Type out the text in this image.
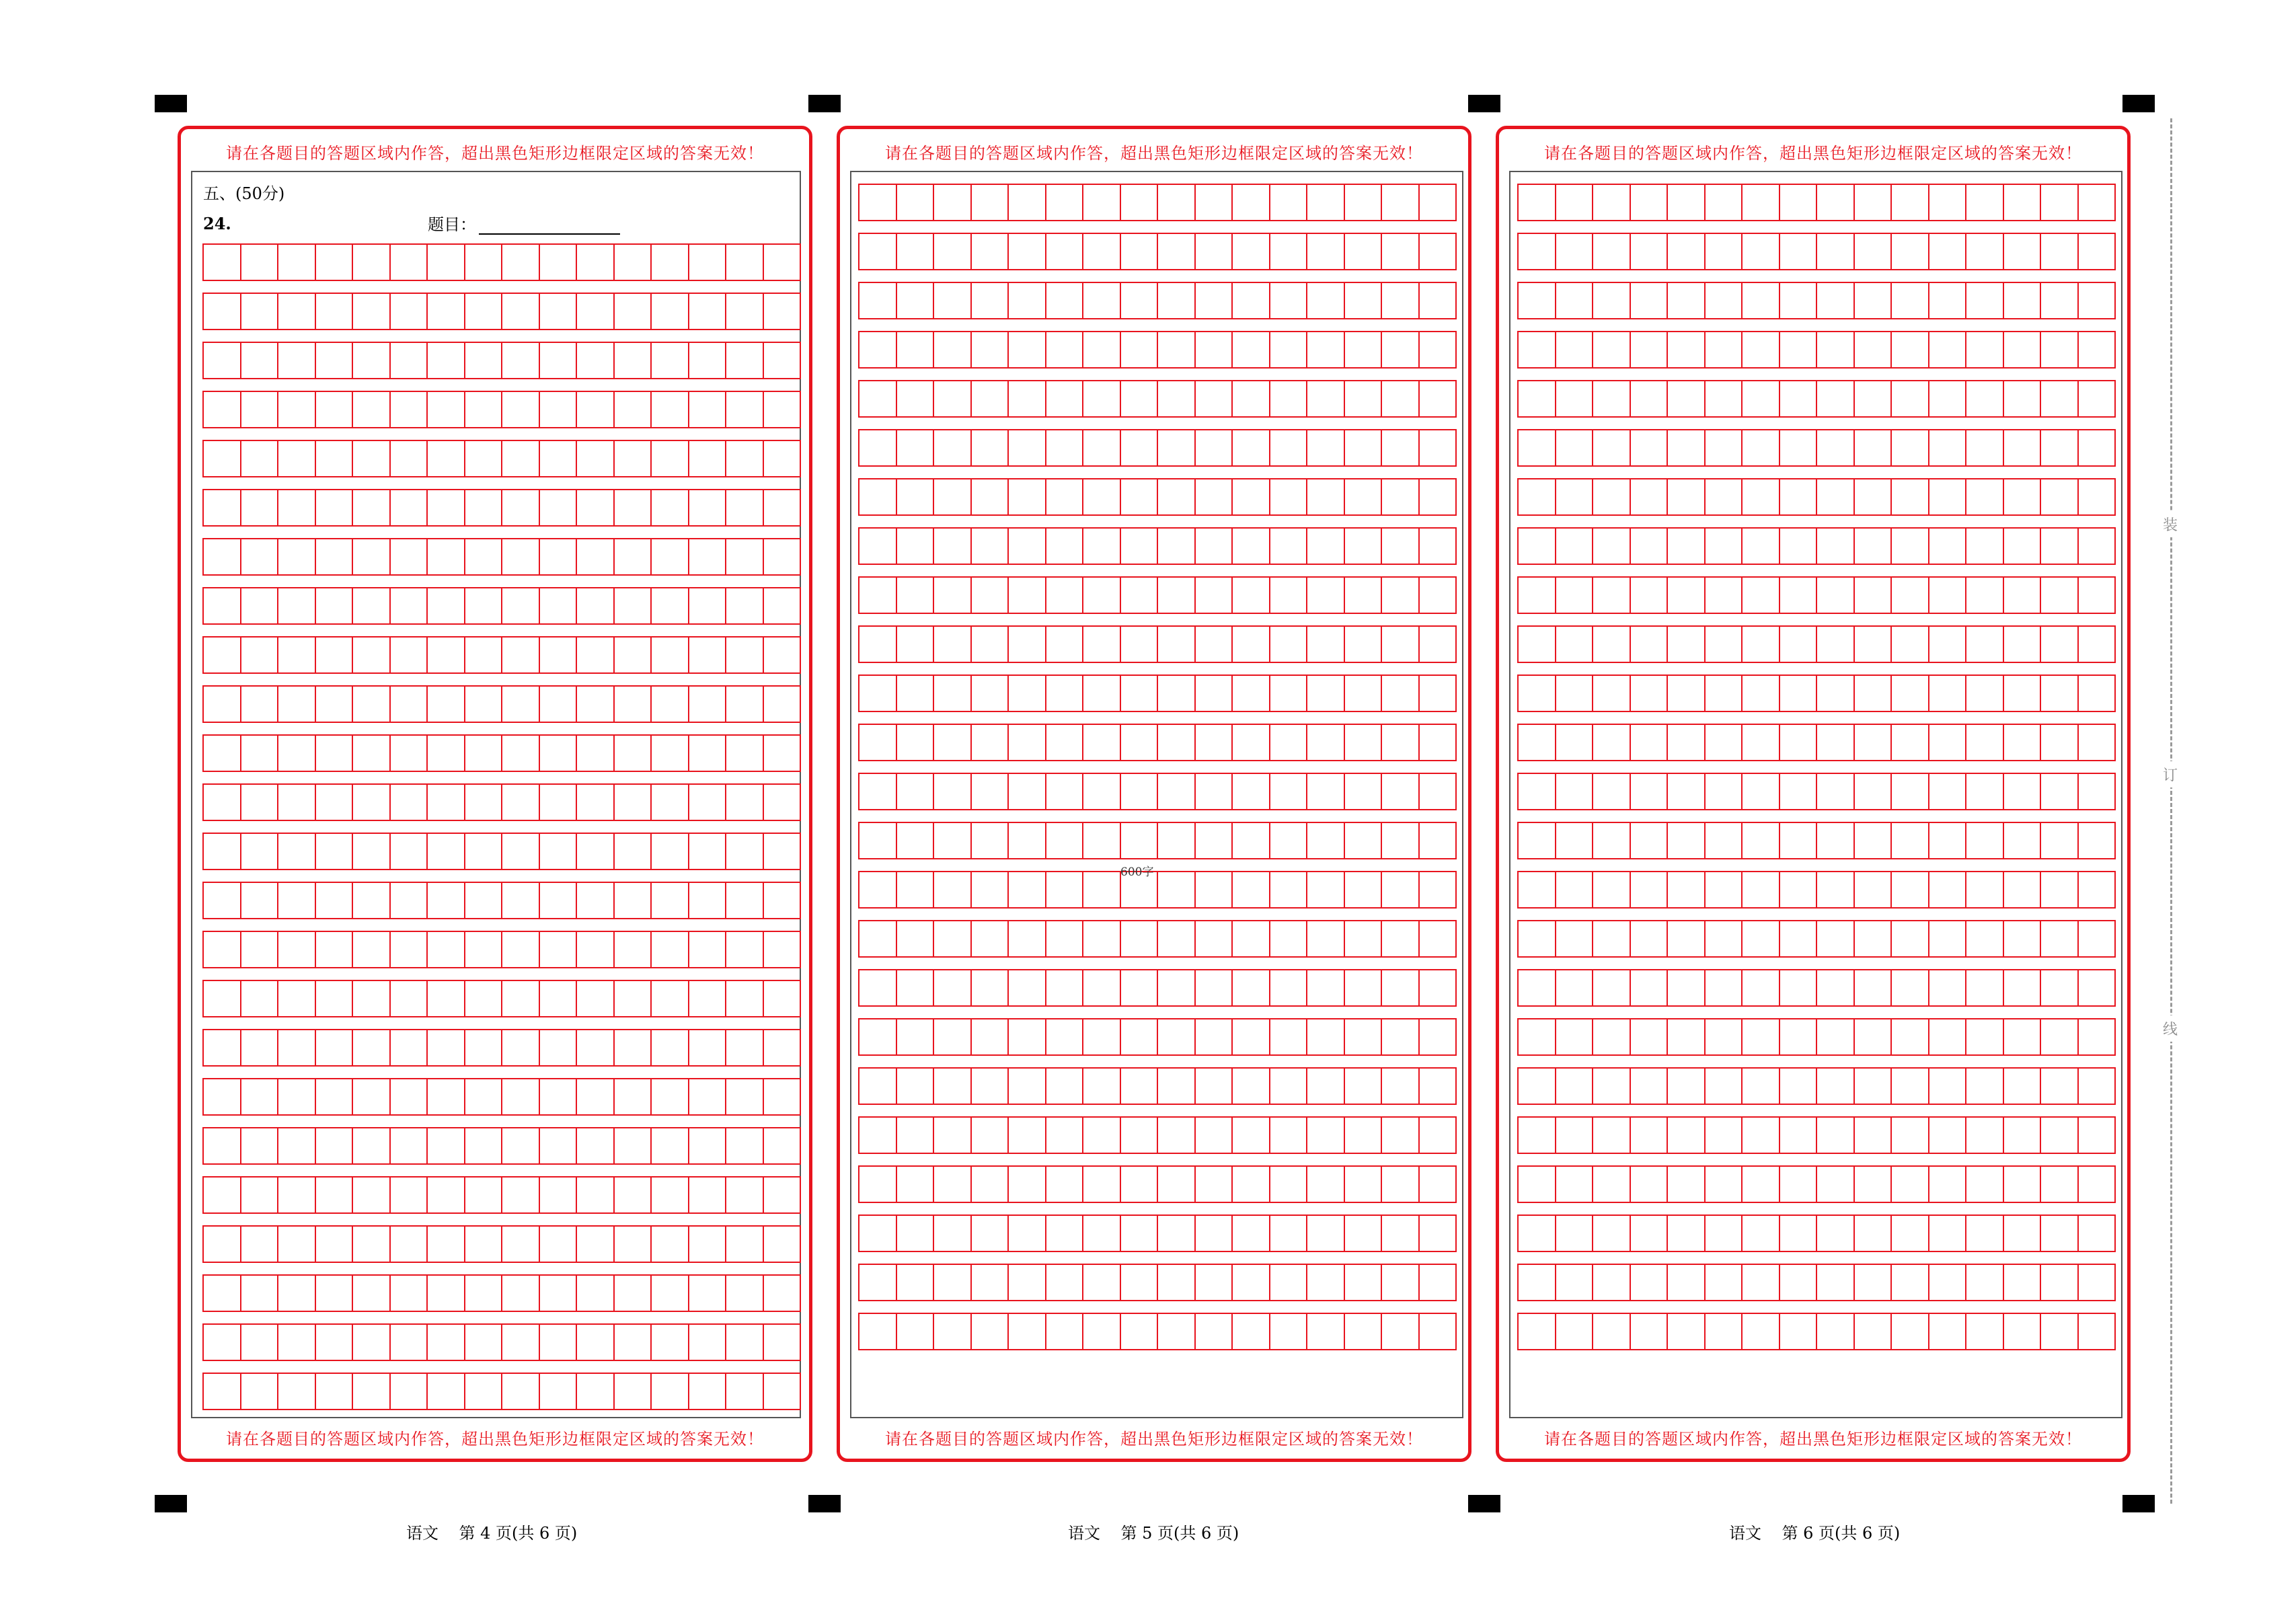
请在各题目的答题区域内作答，超出黑色矩形边框限定区域的答案无效！
五、(50分)
24.	题目：
请在各题目的答题区域内作答，超出黑色矩形边框限定区域的答案无效！
请在各题目的答题区域内作答，超出黑色矩形边框限定区域的答案无效！
600字
请在各题目的答题区域内作答，超出黑色矩形边框限定区域的答案无效！
请在各题目的答题区域内作答，超出黑色矩形边框限定区域的答案无效！
请在各题目的答题区域内作答，超出黑色矩形边框限定区域的答案无效！
语文    第 4 页(共 6 页)	语文    第 5 页(共 6 页)	语文    第 6 页(共 6 页)
装
订
线
